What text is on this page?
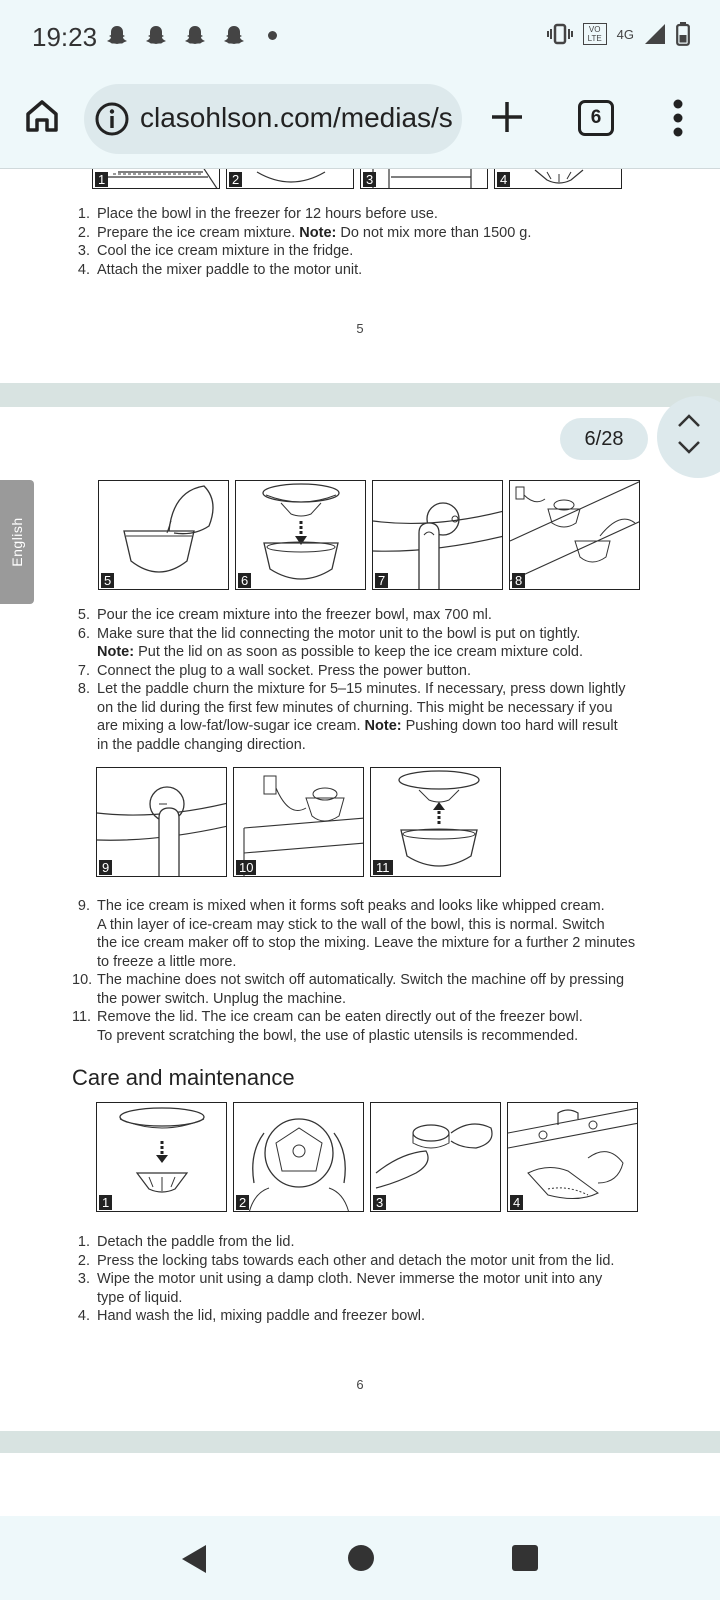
19:23	VO LTE	4G
clasohlson.com/medias/s	6
1	2	3	4
1. Place the bowl in the freezer for 12 hours before use.
2. Prepare the ice cream mixture. Note: Do not mix more than 1500 g.
3. Cool the ice cream mixture in the fridge.
4. Attach the mixer paddle to the motor unit.
5
5	6	7	8
5. Pour the ice cream mixture into the freezer bowl, max 700 ml.
6. Make sure that the lid connecting the motor unit to the bowl is put on tightly.
Note: Put the lid on as soon as possible to keep the ice cream mixture cold.
7. Connect the plug to a wall socket. Press the power button.
8. Let the paddle churn the mixture for 5–15 minutes. If necessary, press down lightly
on the lid during the first few minutes of churning. This might be necessary if you
are mixing a low-fat/low-sugar ice cream. Note: Pushing down too hard will result
in the paddle changing direction.
9	10	11
9. The ice cream is mixed when it forms soft peaks and looks like whipped cream.
A thin layer of ice-cream may stick to the wall of the bowl, this is normal. Switch
the ice cream maker off to stop the mixing. Leave the mixture for a further 2 minutes
to freeze a little more.
10. The machine does not switch off automatically. Switch the machine off by pressing
the power switch. Unplug the machine.
11. Remove the lid. The ice cream can be eaten directly out of the freezer bowl.
To prevent scratching the bowl, the use of plastic utensils is recommended.
Care and maintenance
1	2	3	4
1. Detach the paddle from the lid.
2. Press the locking tabs towards each other and detach the motor unit from the lid.
3. Wipe the motor unit using a damp cloth. Never immerse the motor unit into any
type of liquid.
4. Hand wash the lid, mixing paddle and freezer bowl.
6
6/28
English
